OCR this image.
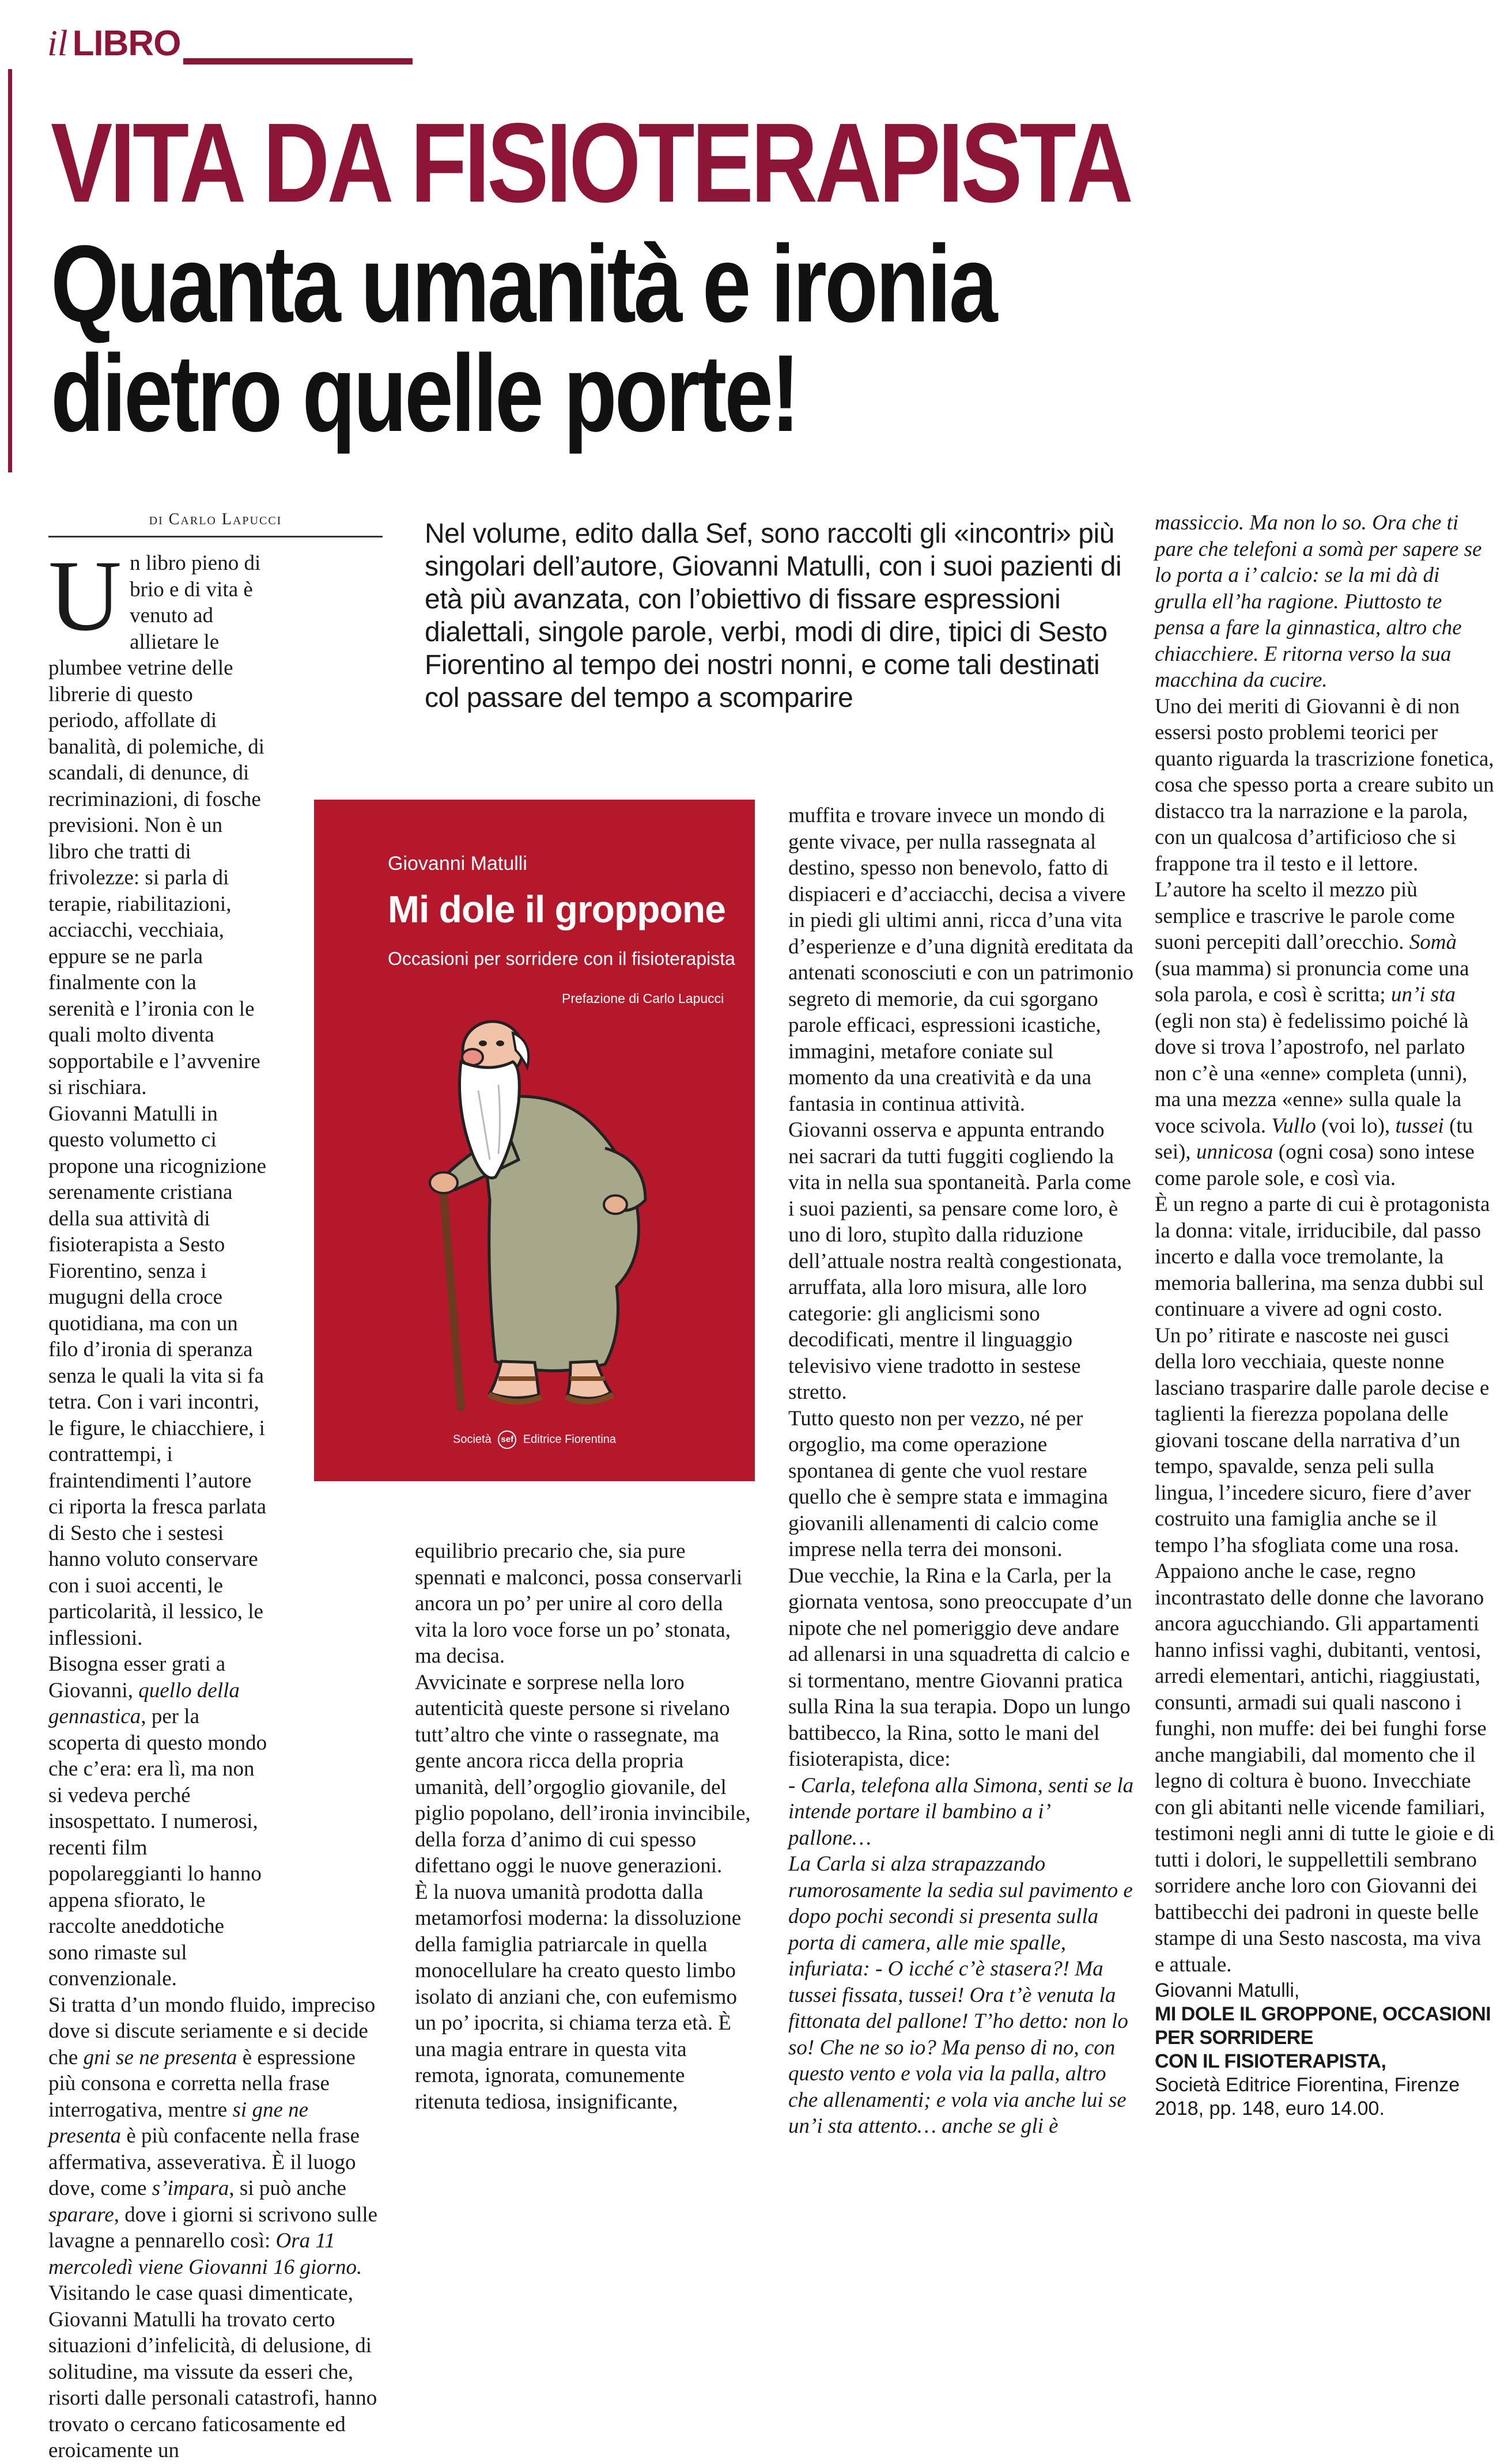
il LIBRO
VITA DA FISIOTERAPISTA
Quanta umanità e ironia
dietro quelle porte!
di Carlo Lapucci	Nel volume, edito dalla Sef, sono raccolti gli «incontri» più singolari dell’autore, Giovanni Matulli, con i suoi pazienti di età più avanzata, con l’obiettivo di fissare espressioni dialettali, singole parole, verbi, modi di dire, tipici di Sesto Fiorentino al tempo dei nostri nonni, e come tali destinati col passare del tempo a scomparire
U n libro pieno di brio e di vita è venuto ad allietare le plumbee vetrine delle librerie di questo periodo, affollate di banalità, di polemiche, di scandali, di denunce, di recriminazioni, di fosche previsioni. Non è un libro che tratti di frivolezze: si parla di terapie, riabilitazioni, acciacchi, vecchiaia, eppure se ne parla finalmente con la serenità e l’ironia con le quali molto diventa sopportabile e l’avvenire si rischiara.

Giovanni Matulli in questo volumetto ci propone una ricognizione serenamente cristiana della sua attività di fisioterapista a Sesto Fiorentino, senza i mugugni della croce quotidiana, ma con un filo d’ironia di speranza senza le quali la vita si fa tetra. Con i vari incontri, le figure, le chiacchiere, i contrattempi, i fraintendimenti l’autore ci riporta la fresca parlata di Sesto che i sestesi hanno voluto conservare con i suoi accenti, le particolarità, il lessico, le inflessioni.

Bisogna esser grati a Giovanni, quello della gennastica, per la scoperta di questo mondo che c’era: era lì, ma non si vedeva perché insospettato. I numerosi, recenti film popolareggianti lo hanno appena sfiorato, le raccolte aneddotiche sono rimaste sul convenzionale.

Si tratta d’un mondo fluido, impreciso dove si discute seriamente e si decide che gni se ne presenta è espressione più consona e corretta nella frase interrogativa, mentre si gne ne presenta è più confacente nella frase affermativa, asseverativa. È il luogo dove, come s’impara, si può anche sparare, dove i giorni si scrivono sulle lavagne a pennarello così: Ora 11 mercoledì viene Giovanni 16 giorno.

Visitando le case quasi dimenticate, Giovanni Matulli ha trovato certo situazioni d’infelicità, di delusione, di solitudine, ma vissute da esseri che, risorti dalle personali catastrofi, hanno trovato o cercano faticosamente ed eroicamente un

Giovanni Matulli
Mi dole il groppone
Occasioni per sorridere con il fisioterapista
Prefazione di Carlo Lapucci
Società sef Editrice Fiorentina

equilibrio precario che, sia pure spennati e malconci, possa conservarli ancora un po’ per unire al coro della vita la loro voce forse un po’ stonata, ma decisa.

Avvicinate e sorprese nella loro autenticità queste persone si rivelano tutt’altro che vinte o rassegnate, ma gente ancora ricca della propria umanità, dell’orgoglio giovanile, del piglio popolano, dell’ironia invincibile, della forza d’animo di cui spesso difettano oggi le nuove generazioni.

È la nuova umanità prodotta dalla metamorfosi moderna: la dissoluzione della famiglia patriarcale in quella monocellulare ha creato questo limbo isolato di anziani che, con eufemismo un po’ ipocrita, si chiama terza età. È una magia entrare in questa vita remota, ignorata, comunemente ritenuta tediosa, insignificante,

muffita e trovare invece un mondo di gente vivace, per nulla rassegnata al destino, spesso non benevolo, fatto di dispiaceri e d’acciacchi, decisa a vivere in piedi gli ultimi anni, ricca d’una vita d’esperienze e d’una dignità ereditata da antenati sconosciuti e con un patrimonio segreto di memorie, da cui sgorgano parole efficaci, espressioni icastiche, immagini, metafore coniate sul momento da una creatività e da una fantasia in continua attività.

Giovanni osserva e appunta entrando nei sacrari da tutti fuggiti cogliendo la vita in nella sua spontaneità. Parla come i suoi pazienti, sa pensare come loro, è uno di loro, stupìto dalla riduzione dell’attuale nostra realtà congestionata, arruffata, alla loro misura, alle loro categorie: gli anglicismi sono decodificati, mentre il linguaggio televisivo viene tradotto in sestese stretto.

Tutto questo non per vezzo, né per orgoglio, ma come operazione spontanea di gente che vuol restare quello che è sempre stata e immagina giovanili allenamenti di calcio come imprese nella terra dei monsoni.

Due vecchie, la Rina e la Carla, per la giornata ventosa, sono preoccupate d’un nipote che nel pomeriggio deve andare ad allenarsi in una squadretta di calcio e si tormentano, mentre Giovanni pratica sulla Rina la sua terapia. Dopo un lungo battibecco, la Rina, sotto le mani del fisioterapista, dice:

- Carla, telefona alla Simona, senti se la intende portare il bambino a i’ pallone…

La Carla si alza strapazzando rumorosamente la sedia sul pavimento e dopo pochi secondi si presenta sulla porta di camera, alle mie spalle, infuriata: - O icché c’è stasera?! Ma tussei fissata, tussei! Ora t’è venuta la fittonata del pallone! T’ho detto: non lo so! Che ne so io? Ma penso di no, con questo vento e vola via la palla, altro che allenamenti; e vola via anche lui se un’i sta attento… anche se gli è

massiccio. Ma non lo so. Ora che ti pare che telefoni a somà per sapere se lo porta a i’ calcio: se la mi dà di grulla ell’ha ragione. Piuttosto te pensa a fare la ginnastica, altro che chiacchiere. E ritorna verso la sua macchina da cucire.

Uno dei meriti di Giovanni è di non essersi posto problemi teorici per quanto riguarda la trascrizione fonetica, cosa che spesso porta a creare subito un distacco tra la narrazione e la parola, con un qualcosa d’artificioso che si frappone tra il testo e il lettore.

L’autore ha scelto il mezzo più semplice e trascrive le parole come suoni percepiti dall’orecchio. Somà (sua mamma) si pronuncia come una sola parola, e così è scritta; un’i sta (egli non sta) è fedelissimo poiché là dove si trova l’apostrofo, nel parlato non c’è una «enne» completa (unni), ma una mezza «enne» sulla quale la voce scivola. Vullo (voi lo), tussei (tu sei), unnicosa (ogni cosa) sono intese come parole sole, e così via.

È un regno a parte di cui è protagonista la donna: vitale, irriducibile, dal passo incerto e dalla voce tremolante, la memoria ballerina, ma senza dubbi sul continuare a vivere ad ogni costo.

Un po’ ritirate e nascoste nei gusci della loro vecchiaia, queste nonne lasciano trasparire dalle parole decise e taglienti la fierezza popolana delle giovani toscane della narrativa d’un tempo, spavalde, senza peli sulla lingua, l’incedere sicuro, fiere d’aver costruito una famiglia anche se il tempo l’ha sfogliata come una rosa.

Appaiono anche le case, regno incontrastato delle donne che lavorano ancora agucchiando. Gli appartamenti hanno infissi vaghi, dubitanti, ventosi, arredi elementari, antichi, riaggiustati, consunti, armadi sui quali nascono i funghi, non muffe: dei bei funghi forse anche mangiabili, dal momento che il legno di coltura è buono. Invecchiate con gli abitanti nelle vicende familiari, testimoni negli anni di tutte le gioie e di tutti i dolori, le suppellettili sembrano sorridere anche loro con Giovanni dei battibecchi dei padroni in queste belle stampe di una Sesto nascosta, ma viva e attuale.

Giovanni Matulli,
MI DOLE IL GROPPONE, OCCASIONI
PER SORRIDERE
CON IL FISIOTERAPISTA,
Società Editrice Fiorentina, Firenze 2018, pp. 148, euro 14.00.
